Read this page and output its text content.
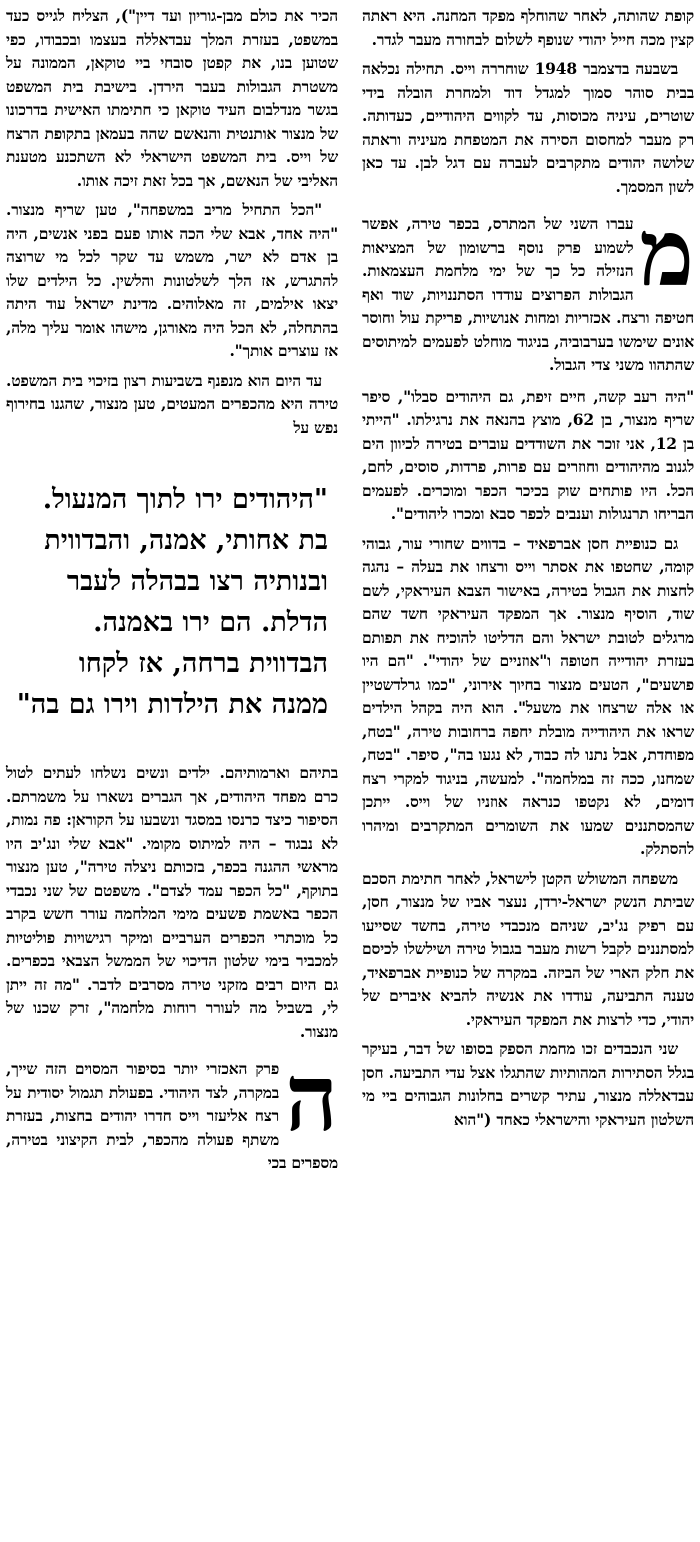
קופת שהותה, לאחר שהוחלף מפקד המחנה. היא ראתה קצין מכה חייל יהודי שנופף לשלום לבחורה מעבר לגדר.

בשבעה בדצמבר 1948 שוחררה וייס. תחילה נכלאה בבית סוהר סמוך למגדל דוד ולמחרת הובלה בידי שוטרים, עיניה מכוסות, עד לקווים היהודיים, כעדותה. רק מעבר למחסום הסירה את המטפחת מעיניה וראתה שלושה יהודים מתקרבים לעברה עם דגל לבן. עד כאן לשון המסמך.

מ

עברו השני של המתרס, בכפר טירה, אפשר לשמוע פרק נוסף ברשומון של המציאות הנזילה כל כך של ימי מלחמת העצמאות. הגבולות הפרוצים עודדו הסתננויות, שוד ואף חטיפה ורצח. אכזריות ומחות אנושיות, פריקת עול וחוסר אונים שימשו בערבוביה, בניגוד מוחלט לפעמים למיתוסים שהתהוו משני צדי הגבול.

"היה רעב קשה, חיים זיפת, גם היהודים סבלו", סיפר שריף מנצור, בן 62, מוצץ בהנאה את נרגילתו. "הייתי בן 12, אני זוכר את השודדים עוברים בטירה לכיוון הים לגנוב מהיהודים וחוזרים עם פרות, פרדות, סוסים, לחם, הכל. היו פותחים שוק בכיכר הכפר ומוכרים. לפעמים הבריחו תרנגולות וענבים לכפר סבא ומכרו ליהודים".

גם כנופיית חסן אברפאיד – בדווים שחורי עור, גבוהי קומה, שחטפו את אסתר וייס ורצחו את בעלה – נהגה לחצות את הגבול בטירה, באישור הצבא העיראקי, לשם שוד, הוסיף מנצור. אך המפקד העיראקי חשד שהם מרגלים לטובת ישראל והם הדליטו להוכיח את תפותם בעזרת יהודייה חטופה ו"אוזניים של יהודי". "הם היו פושעים", הטעים מנצור בחיוך אירוני, "כמו גרלדשטיין או אלה שרצחו את משעל". הוא היה בקהל הילדים שראו את היהודייה מובלת יחפה ברחובות טירה, "בטח, מפוחדת, אבל נתנו לה כבוד, לא נגעו בה", סיפר. "בטח, שמחנו, ככה זה במלחמה". למעשה, בניגוד למקרי רצח דומים, לא נקטפו כנראה אוזניו של וייס. ייתכן שהמסתננים שמעו את השומרים המתקרבים ומיהרו להסתלק.

משפחה המשולש הקטן לישראל, לאחר חתימת הסכם שביתת הנשק ישראל-ירדן, נעצר אביו של מנצור, חסן, עם רפיק נג'יב, שניהם מנכבדי טירה, בחשד שסייעו למסתננים לקבל רשות מעבר בגבול טירה ושילשלו לכיסם את חלק הארי של הביזה. במקרה של כנופיית אברפאיד, טענה התביעה, עודדו את אנשיה להביא איברים של יהודי, כדי לרצות את המפקד העיראקי.

שני הנכבדים זכו מחמת הספק בסופו של דבר, בעיקר בגלל הסתירות המהותיות שהתגלו אצל עדי התביעה. חסן עבדאללה מנצור, עתיר קשרים בחלונות הגבוהים ביי מי השלטון העיראקי והישראלי כאחד ("הוא

הכיר את כולם מבן-גוריון ועד דיין"), הצליח לגייס כעד במשפט, בעזרת המלך עבדאללה בעצמו ובכבודו, כפי שטוען בנו, את קפטן סובחי ביי טוקאן, הממונה על משטרת הגבולות בעבר הירדן. בישיבת בית המשפט בגשר מנדלבום העיד טוקאן כי חתימתו האישית בדרכונו של מנצור אותנטית והנאשם שהה בעמאן בתקופת הרצח של וייס. בית המשפט הישראלי לא השתכנע מטענת האליבי של הנאשם, אך בכל זאת זיכה אותו.

"הכל התחיל מריב במשפחה", טען שריף מנצור. "היה אחד, אבא שלי הכה אותו פעם בפני אנשים, היה בן אדם לא ישר, משמש עד שקר לכל מי שרוצה להתגרש, אז הלך לשלטונות והלשין. כל הילדים שלו יצאו אילמים, זה מאלוהים. מדינת ישראל עוד היתה בהתחלה, לא הכל היה מאורגן, מישהו אומר עליך מלה, אז עוצרים אותך".

עד היום הוא מנפנף בשביעות רצון בזיכוי בית המשפט. טירה היא מהכפרים המעטים, טען מנצור, שהגנו בחירוף נפש על

"היהודים ירו לתוך המנעול. בת אחותי, אמנה, והבדווית ובנותיה רצו בבהלה לעבר הדלת. הם ירו באמנה. הבדווית ברחה, אז לקחו ממנה את הילדות וירו גם בה"

בתיהם וארמותיהם. ילדים ונשים נשלחו לעתים לטול כרם מפחד היהודים, אך הגברים נשארו על משמרתם. הסיפור כיצד כרנסו במסגד ונשבעו על הקוראן: פה נמות, לא נבגוד – היה למיתוס מקומי. "אבא שלי ונג'יב היו מראשי ההגנה בכפר, בזכותם ניצלה טירה", טען מנצור בתוקף, "כל הכפר עמד לצדם". משפטם של שני נכבדי הכפר באשמת פשעים מימי המלחמה עורר חשש בקרב כל מוכתרי הכפרים הערביים ומיקר רגישויות פוליטיות למכביר בימי שלטון הדיכוי של הממשל הצבאי בכפרים. גם היום רבים מזקני טירה מסרבים לדבר. "מה זה ייתן לי, בשביל מה לעורר רוחות מלחמה", זרק שכנו של מנצור.

ה

פרק האכזרי יותר בסיפור המסוים הזה שייך, במקרה, לצד היהודי. בפעולת תגמול יסודית על רצח אליעזר וייס חדרו יהודים בחצות, בעזרת משתף פעולה מהכפר, לבית הקיצוני בטירה, מספרים בכי
